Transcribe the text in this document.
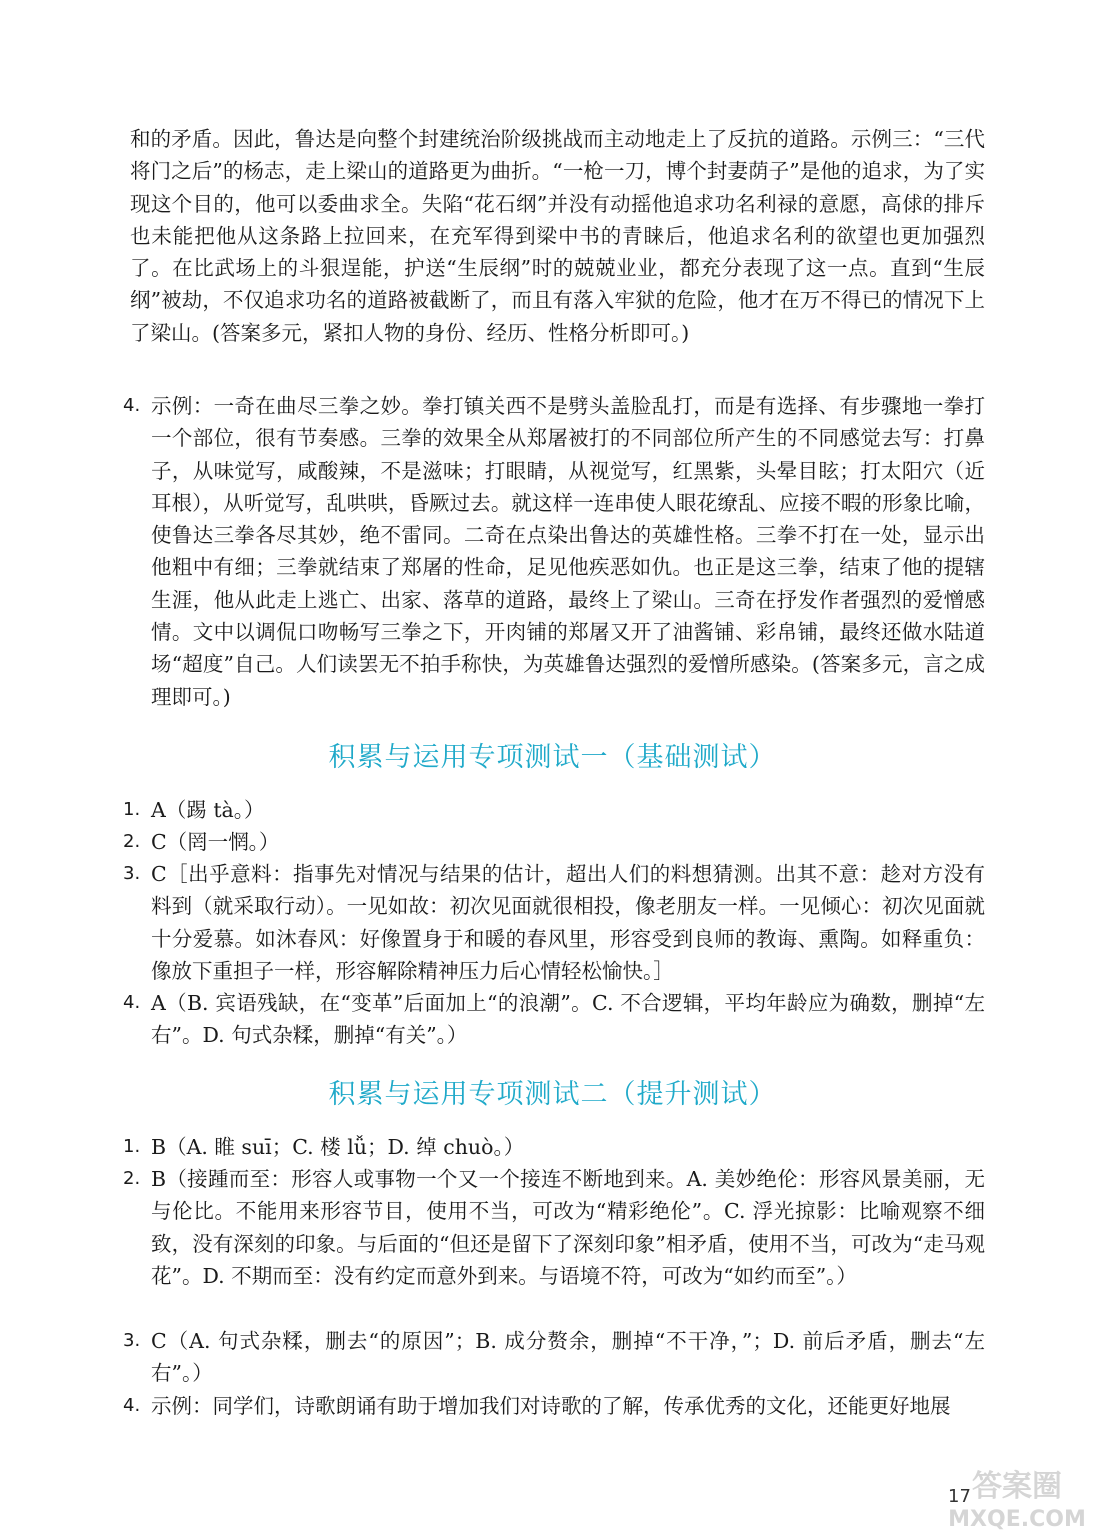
和的矛盾。因此，鲁达是向整个封建统治阶级挑战而主动地走上了反抗的道路。示例三：“三代将门之后”的杨志，走上梁山的道路更为曲折。“一枪一刀，博个封妻荫子”是他的追求，为了实现这个目的，他可以委曲求全。失陷“花石纲”并没有动摇他追求功名利禄的意愿，高俅的排斥也未能把他从这条路上拉回来，在充军得到梁中书的青睐后，他追求名利的欲望也更加强烈了。在比武场上的斗狠逞能，护送“生辰纲”时的兢兢业业，都充分表现了这一点。直到“生辰纲”被劫，不仅追求功名的道路被截断了，而且有落入牢狱的危险，他才在万不得已的情况下上了梁山。(答案多元，紧扣人物的身份、经历、性格分析即可。)
4. 示例：一奇在曲尽三拳之妙。拳打镇关西不是劈头盖脸乱打，而是有选择、有步骤地一拳打一个部位，很有节奏感。三拳的效果全从郑屠被打的不同部位所产生的不同感觉去写：打鼻子，从味觉写，咸酸辣，不是滋味；打眼睛，从视觉写，红黑紫，头晕目眩；打太阳穴（近耳根），从听觉写，乱哄哄，昏厥过去。就这样一连串使人眼花缭乱、应接不暇的形象比喻，使鲁达三拳各尽其妙，绝不雷同。二奇在点染出鲁达的英雄性格。三拳不打在一处，显示出他粗中有细；三拳就结束了郑屠的性命，足见他疾恶如仇。也正是这三拳，结束了他的提辖生涯，他从此走上逃亡、出家、落草的道路，最终上了梁山。三奇在抒发作者强烈的爱憎感情。文中以调侃口吻畅写三拳之下，开肉铺的郑屠又开了油酱铺、彩帛铺，最终还做水陆道场“超度”自己。人们读罢无不拍手称快，为英雄鲁达强烈的爱憎所感染。(答案多元，言之成理即可。)
积累与运用专项测试一（基础测试）
1. A（踢 tà。）
2. C（罔一惘。）
3. C［出乎意料：指事先对情况与结果的估计，超出人们的料想猜测。出其不意：趁对方没有料到（就采取行动）。一见如故：初次见面就很相投，像老朋友一样。一见倾心：初次见面就十分爱慕。如沐春风：好像置身于和暖的春风里，形容受到良师的教诲、熏陶。如释重负：像放下重担子一样，形容解除精神压力后心情轻松愉快。］
4. A（B. 宾语残缺，在“变革”后面加上“的浪潮”。C. 不合逻辑，平均年龄应为确数，删掉“左右”。D. 句式杂糅，删掉“有关”。）
积累与运用专项测试二（提升测试）
1. B（A. 睢 suī；C. 楼 lǚ；D. 绰 chuò。）
2. B（接踵而至：形容人或事物一个又一个接连不断地到来。A. 美妙绝伦：形容风景美丽，无与伦比。不能用来形容节目，使用不当，可改为“精彩绝伦”。C. 浮光掠影：比喻观察不细致，没有深刻的印象。与后面的“但还是留下了深刻印象”相矛盾，使用不当，可改为“走马观花”。D. 不期而至：没有约定而意外到来。与语境不符，可改为“如约而至”。）
3. C（A. 句式杂糅，删去“的原因”；B. 成分赘余，删掉“不干净，”；D. 前后矛盾，删去“左右”。）
4. 示例：同学们，诗歌朗诵有助于增加我们对诗歌的了解，传承优秀的文化，还能更好地展
17 答案圈
MXQE.COM
